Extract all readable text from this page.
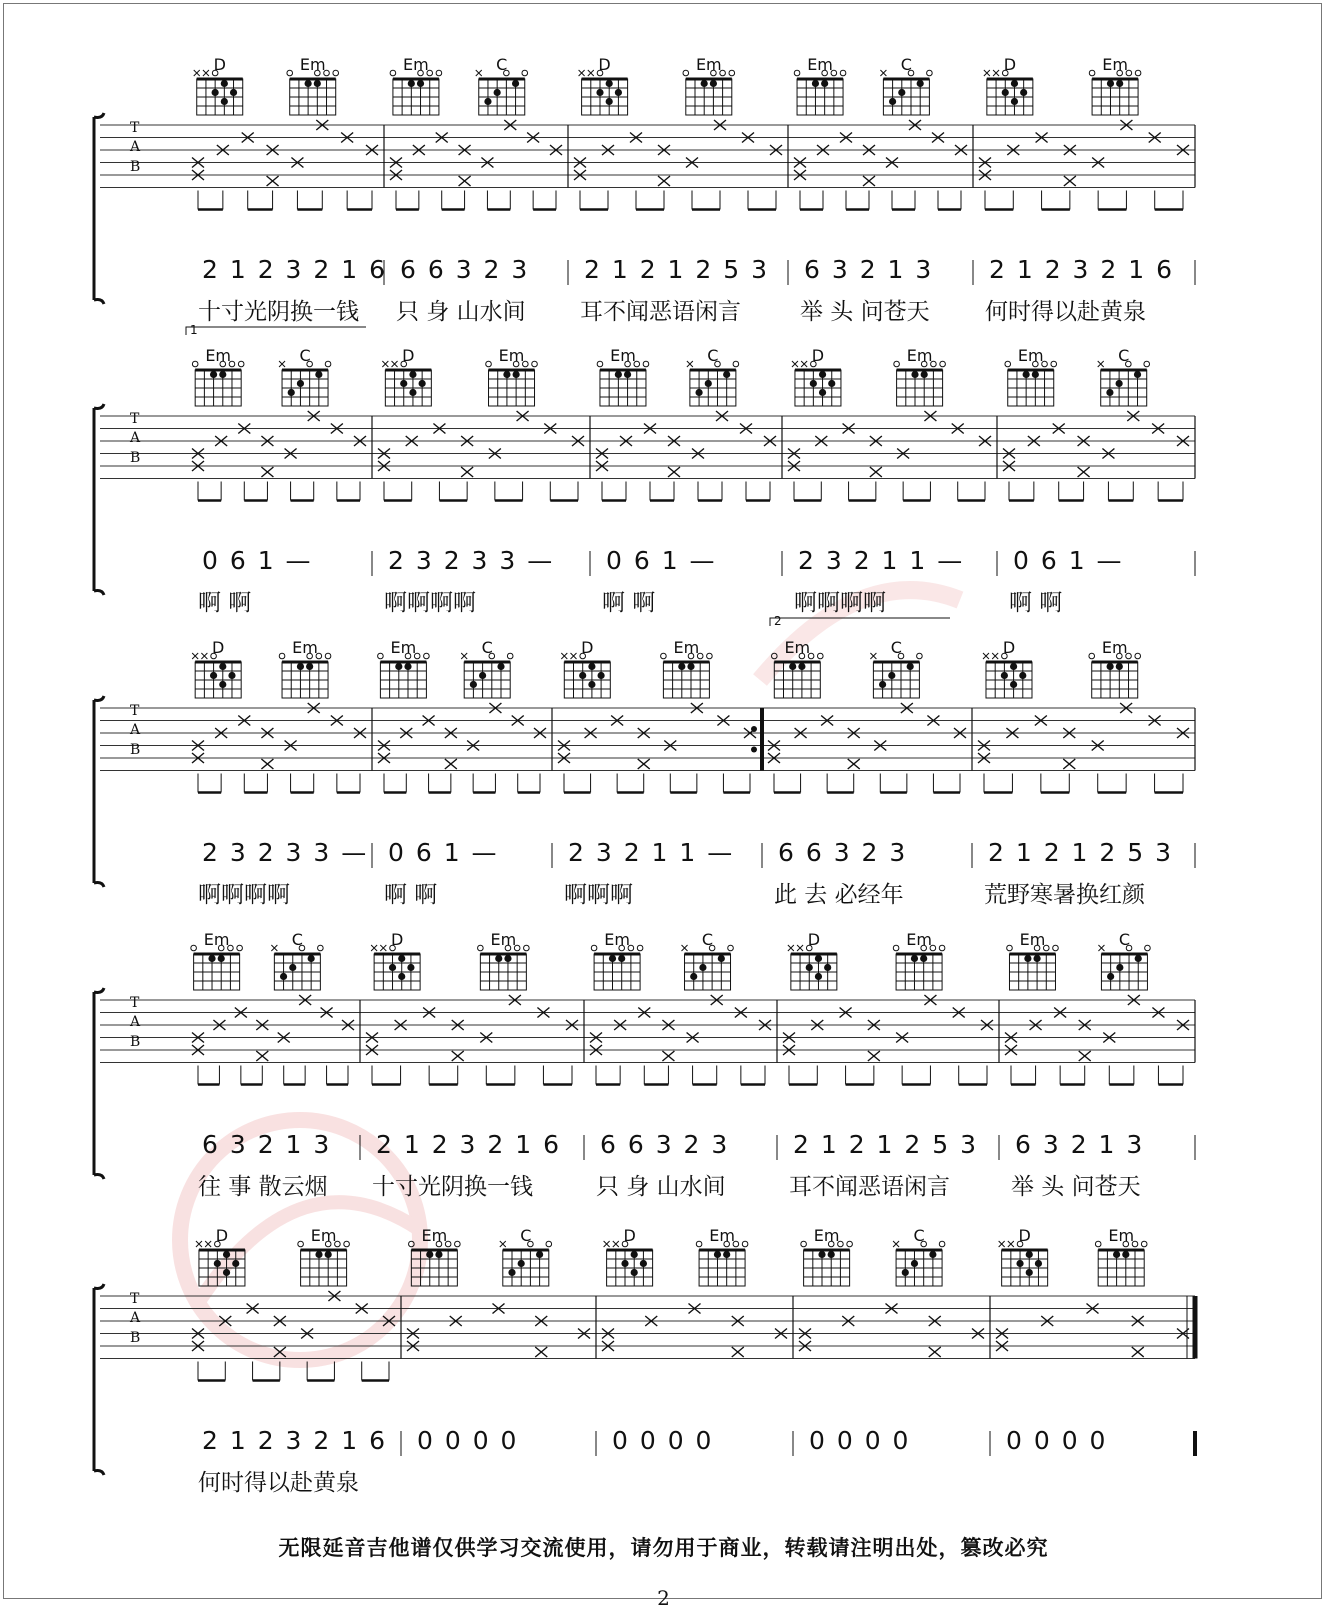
T
A
B
D	Em
2 1 2 3 2 1 6
十寸光阴换一钱
Em	C
6 6 3 2 3
只 身 山水间
D	Em
2 1 2 1 2 5 3
耳不闻恶语闲言
Em	C
6 3 2 1 3
举 头 问苍天
D	Em
2 1 2 3 2 1 6
何时得以赴黄泉
1
T
A
B
Em	C
0 6 1 —
啊 啊
D	Em
2 3 2 3 3 —
啊啊啊啊
Em	C
0 6 1 —
啊 啊
D	Em
2 3 2 1 1 —
啊啊啊啊
Em	C
0 6 1 —
啊 啊
2
T
A
B
D	Em
2 3 2 3 3 —
啊啊啊啊
Em	C
0 6 1 —
啊 啊
D	Em
2 3 2 1 1 —
啊啊啊
Em	C
6 6 3 2 3
此 去 必经年
D	Em
2 1 2 1 2 5 3
荒野寒暑换红颜
T
A
B
Em	C
6 3 2 1 3
往 事 散云烟
D	Em
2 1 2 3 2 1 6
十寸光阴换一钱
Em	C
6 6 3 2 3
只 身 山水间
D	Em
2 1 2 1 2 5 3
耳不闻恶语闲言
Em	C
6 3 2 1 3
举 头 问苍天
T
A
B
D	Em
2 1 2 3 2 1 6
何时得以赴黄泉
Em	C
0 0 0 0
D	Em
0 0 0 0
Em	C
0 0 0 0
D	Em
0 0 0 0
无限延音吉他谱仅供学习交流使用，请勿用于商业，转载请注明出处，篡改必究
2
